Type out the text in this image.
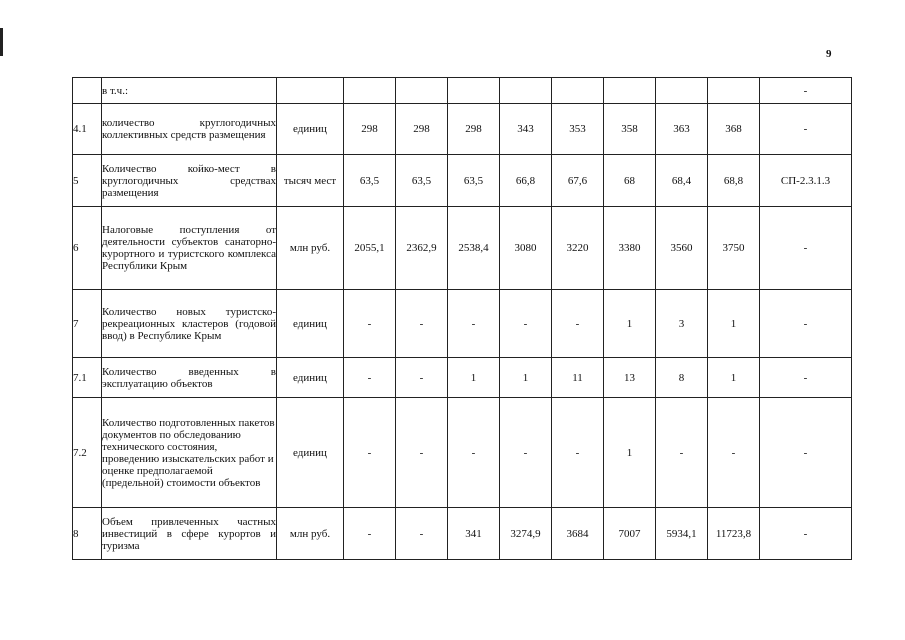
9
	в т.ч.:										-
4.1	количество круглогодичных коллективных средств размещения	единиц	298	298	298	343	353	358	363	368	-
5	Количество койко-мест в круглогодичных средствах размещения	тысяч мест	63,5	63,5	63,5	66,8	67,6	68	68,4	68,8	СП-2.3.1.3
6	Налоговые поступления от деятельности субъектов санаторно-курортного и туристского комплекса Республики Крым	млн руб.	2055,1	2362,9	2538,4	3080	3220	3380	3560	3750	-
7	Количество новых туристско-рекреационных кластеров (годовой ввод) в Республике Крым	единиц	-	-	-	-	-	1	3	1	-
7.1	Количество введенных в эксплуатацию объектов	единиц	-	-	1	1	11	13	8	1	-
7.2	Количество подготовленных пакетов документов по обследованию технического состояния, проведению изыскательских работ и оценке предполагаемой (предельной) стоимости объектов	единиц	-	-	-	-	-	1	-	-	-
8	Объем привлеченных частных инвестиций в сфере курортов и туризма	млн руб.	-	-	341	3274,9	3684	7007	5934,1	11723,8	-
